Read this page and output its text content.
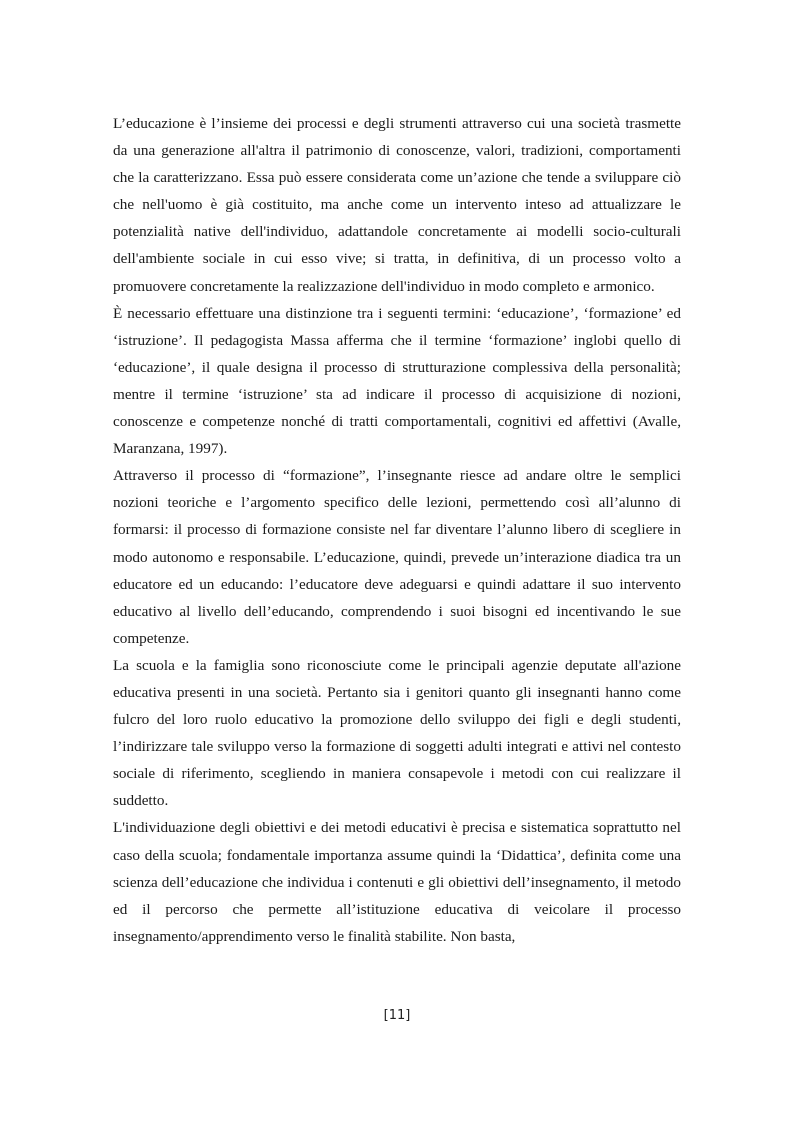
L’educazione è l’insieme dei processi e degli strumenti attraverso cui una società trasmette da una generazione all'altra il patrimonio di conoscenze, valori, tradizioni, comportamenti che la caratterizzano. Essa può essere considerata come un’azione che tende a sviluppare ciò che nell'uomo è già costituito, ma anche come un intervento inteso ad attualizzare le potenzialità native dell'individuo, adattandole concretamente ai modelli socio-culturali dell'ambiente sociale in cui esso vive; si tratta, in definitiva, di un processo volto a promuovere concretamente la realizzazione dell'individuo in modo completo e armonico.

È necessario effettuare una distinzione tra i seguenti termini: ‘educazione’, ‘formazione’ ed ‘istruzione’. Il pedagogista Massa afferma che il termine ‘formazione’ inglobi quello di ‘educazione’, il quale designa il processo di strutturazione complessiva della personalità; mentre il termine ‘istruzione’ sta ad indicare il processo di acquisizione di nozioni, conoscenze e competenze nonché di tratti comportamentali, cognitivi ed affettivi (Avalle, Maranzana, 1997).

Attraverso il processo di “formazione”, l’insegnante riesce ad andare oltre le semplici nozioni teoriche e l’argomento specifico delle lezioni, permettendo così all’alunno di formarsi: il processo di formazione consiste nel far diventare l’alunno libero di scegliere in modo autonomo e responsabile. L’educazione, quindi, prevede un’interazione diadica tra un educatore ed un educando: l’educatore deve adeguarsi e quindi adattare il suo intervento educativo al livello dell’educando, comprendendo i suoi bisogni ed incentivando le sue competenze.

La scuola e la famiglia sono riconosciute come le principali agenzie deputate all'azione educativa presenti in una società. Pertanto sia i genitori quanto gli insegnanti hanno come fulcro del loro ruolo educativo la promozione dello sviluppo dei figli e degli studenti, l’indirizzare tale sviluppo verso la formazione di soggetti adulti integrati e attivi nel contesto sociale di riferimento, scegliendo in maniera consapevole i metodi con cui realizzare il suddetto.

L'individuazione degli obiettivi e dei metodi educativi è precisa e sistematica soprattutto nel caso della scuola; fondamentale importanza assume quindi la ‘Didattica’, definita come una scienza dell’educazione che individua i contenuti e gli obiettivi dell’insegnamento, il metodo ed il percorso che permette all’istituzione educativa di veicolare il processo insegnamento/apprendimento verso le finalità stabilite. Non basta,

[11]
